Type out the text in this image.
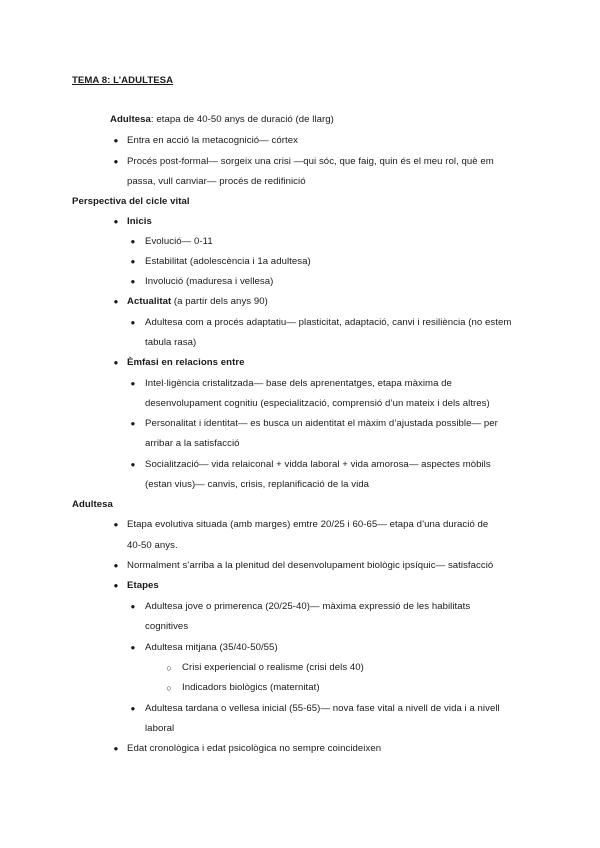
TEMA 8: L’ADULTESA
Adultesa: etapa de 40-50 anys de duració (de llarg)
● Entra en acció la metacognició— córtex
● Procés post-formal— sorgeix una crisi —qui sóc, que faig, quin és el meu rol, què em
passa, vull canviar— procés de redifinició
Perspectiva del cicle vital
● Inicis
● Evolució— 0-11
● Estabilitat (adolescència i 1a adultesa)
● Involució (maduresa i vellesa)
● Actualitat (a partir dels anys 90)
● Adultesa com a procés adaptatiu— plasticitat, adaptació, canvi i resiliència (no estem
tabula rasa)
● Èmfasi en relacions entre
● Intel·ligència cristalitzada— base dels aprenentatges, etapa màxima de
desenvolupament cognitiu (especialització, comprensió d’un mateix i dels altres)
● Personalitat i identitat— es busca un aidentitat el màxim d’ajustada possible— per
arribar a la satisfacció
● Socialització— vida relaiconal + vidda laboral + vida amorosa— aspectes mòbils
(estan vius)— canvis, crisis, replanificació de la vida
Adultesa
● Etapa evolutiva situada (amb marges) emtre 20/25 i 60-65— etapa d’una duració de
40-50 anys.
● Normalment s’arriba a la plenitud del desenvolupament biològic ipsíquic— satisfacció
● Etapes
● Adultesa jove o primerenca (20/25-40)— màxima expressió de les habilitats
cognitives
● Adultesa mitjana (35/40-50/55)
○	Crisi experiencial o realisme (crisi dels 40)
○	Indicadors biològics (maternitat)
● Adultesa tardana o vellesa inicial (55-65)— nova fase vital a nivell de vida i a nivell
laboral
● Edat cronològica i edat psicològica no sempre coincideixen
